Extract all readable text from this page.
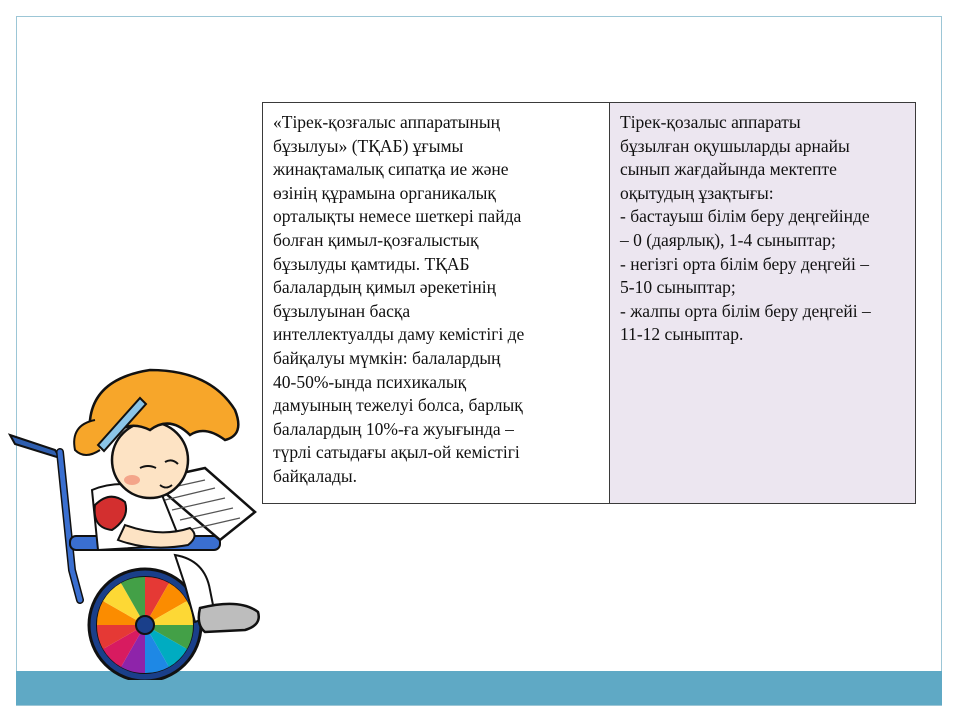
«Тірек-қозғалыс аппаратының
бұзылуы» (ТҚАБ) ұғымы
жинақтамалық сипатқа ие және
өзінің құрамына органикалық
орталықты немесе шеткері пайда
болған қимыл-қозғалыстық
бұзылуды қамтиды. ТҚАБ
балалардың қимыл әрекетінің
бұзылуынан басқа
интеллектуалды даму кемістігі де
байқалуы мүмкін: балалардың
40-50%-ында психикалық
дамуының тежелуі болса, барлық
балалардың 10%-ға жуығында –
түрлі сатыдағы ақыл-ой кемістігі
байқалады.

Тірек-қозалыс аппараты
бұзылған оқушыларды арнайы
сынып жағдайында мектепте
оқытудың ұзақтығы:
- бастауыш білім беру деңгейінде
– 0 (даярлық), 1-4 сыныптар;
- негізгі орта білім беру деңгейі –
5-10 сыныптар;
- жалпы орта білім беру деңгейі –
11-12 сыныптар.
